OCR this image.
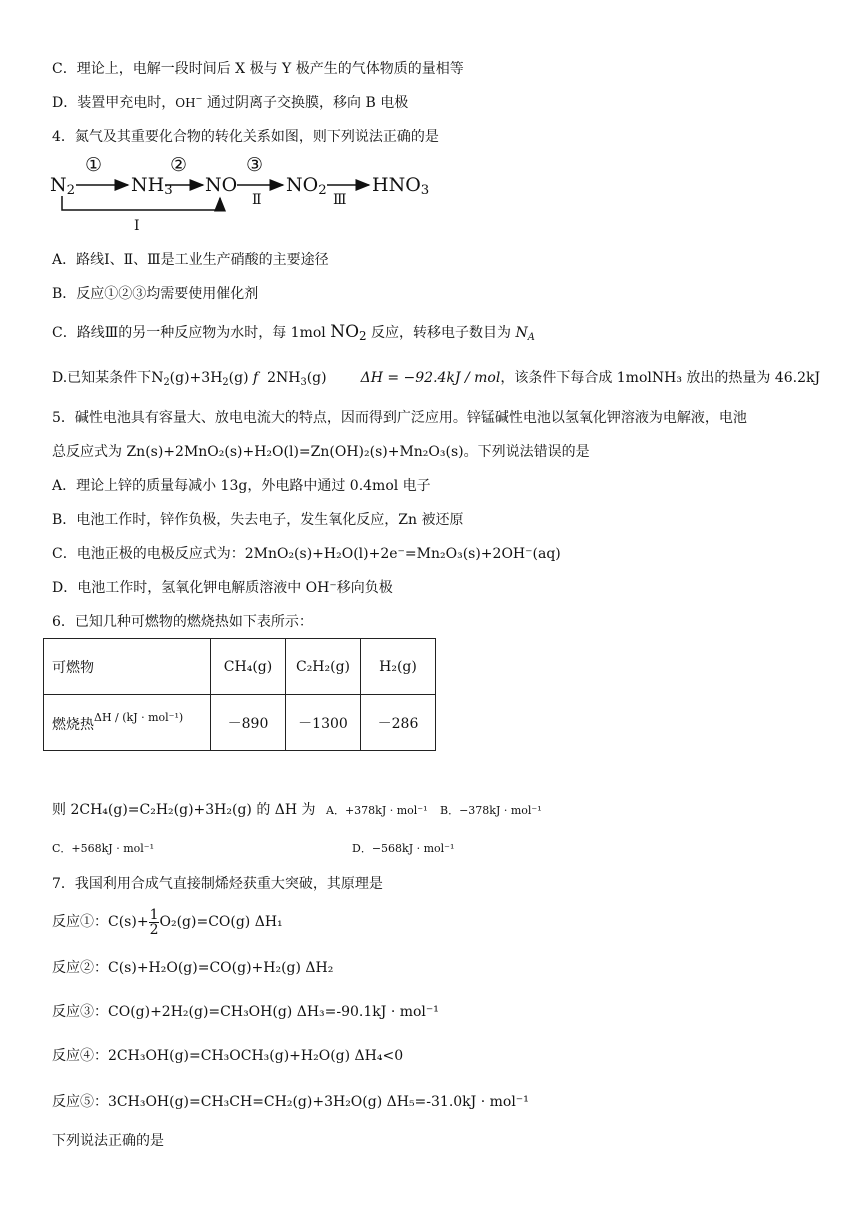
C．理论上，电解一段时间后 X 极与 Y 极产生的气体物质的量相等
D．装置甲充电时，OH− 通过阴离子交换膜，移向 B 电极
4．氮气及其重要化合物的转化关系如图，则下列说法正确的是
①	②	③
$N_2$	$NH_3$ NO	$NO_2$ $HNO_3$
Ⅱ	Ⅲ
Ⅰ
A．路线Ⅰ、Ⅱ、Ⅲ是工业生产硝酸的主要途径
B．反应①②③均需要使用催化剂
C．路线Ⅲ的另一种反应物为水时，每 1mol $NO_2$ 反应，转移电子数目为 $N_A$
D.已知某条件下$N_2(g)+3H_2(g)$ f  $2NH_3(g) \Delta H = -92.4kJ$ / mol，该条件下每合成 1molNH₃ 放出的热量为 46.2kJ
5．碱性电池具有容量大、放电电流大的特点，因而得到广泛应用。锌锰碱性电池以氢氧化钾溶液为电解液，电池
总反应式为 Zn(s)+2MnO₂(s)+H₂O(l)=Zn(OH)₂(s)+Mn₂O₃(s)。下列说法错误的是
A．理论上锌的质量每减小 13g，外电路中通过 0.4mol 电子
B．电池工作时，锌作负极，失去电子，发生氧化反应，Zn 被还原
C．电池正极的电极反应式为：2MnO₂(s)+H₂O(l)+2e⁻=Mn₂O₃(s)+2OH⁻(aq)
D．电池工作时，氢氧化钾电解质溶液中 OH⁻移向负极
6．已知几种可燃物的燃烧热如下表所示：
可燃物	CH₄(g)	C₂H₂(g)	H₂(g)
燃烧热$^{\Delta H / (kJ \cdot mol^{-1})}$	－890	－1300	－286
则 2CH₄(g)=C₂H₂(g)+3H₂(g) 的 ΔH 为 A．+378kJ · mol⁻¹ B．−378kJ · mol⁻¹
C．+568kJ · mol⁻¹	D．−568kJ · mol⁻¹
7．我国利用合成气直接制烯烃获重大突破，其原理是
反应①：$C(s)+ \frac{1}{2} O_2(g)=CO(g)$ ΔH₁
反应②：C(s)+H₂O(g)=CO(g)+H₂(g) ΔH₂
反应③：CO(g)+2H₂(g)=CH₃OH(g) ΔH₃=-90.1kJ · mol⁻¹
反应④：2CH₃OH(g)=CH₃OCH₃(g)+H₂O(g) ΔH₄<0
反应⑤：3CH₃OH(g)=CH₃CH=CH₂(g)+3H₂O(g) ΔH₅=-31.0kJ · mol⁻¹
下列说法正确的是
